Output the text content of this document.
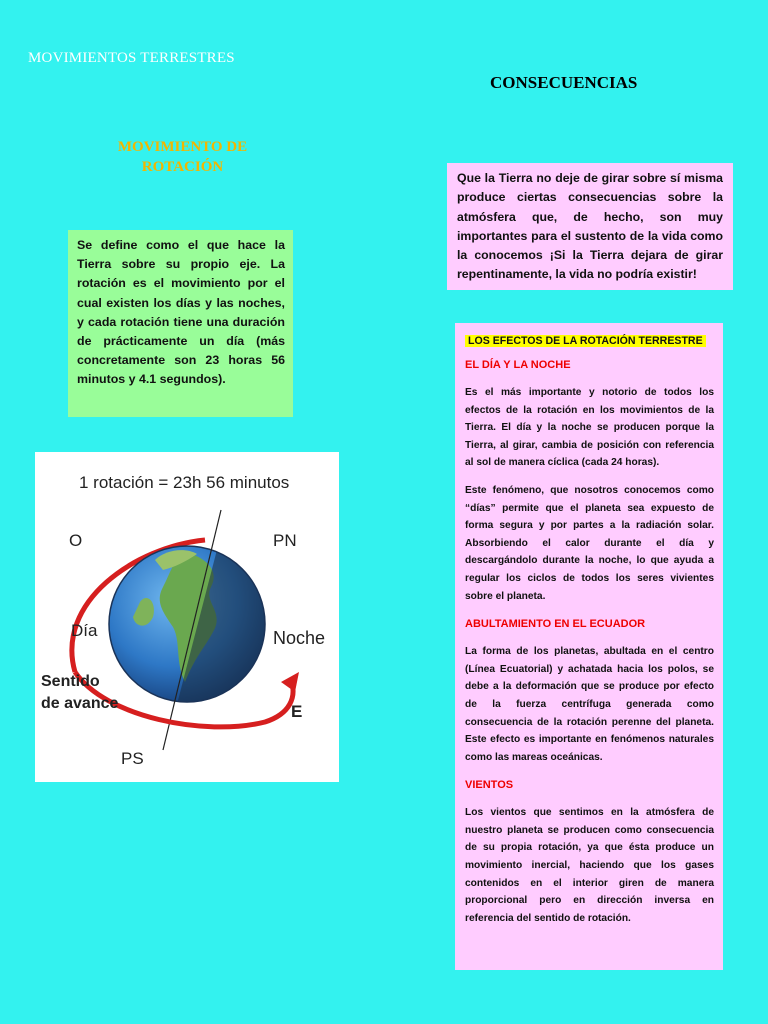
MOVIMIENTOS TERRESTRES
CONSECUENCIAS
MOVIMIENTO DE ROTACIÓN
Se define como el que hace la Tierra sobre su propio eje. La rotación es el movimiento por el cual existen los días y las noches, y cada rotación tiene una duración de prácticamente un día (más concretamente son 23 horas 56 minutos y 4.1 segundos).
Que la Tierra no deje de girar sobre sí misma produce ciertas consecuencias sobre la atmósfera que, de hecho, son muy importantes para el sustento de la vida como la conocemos ¡Si la Tierra dejara de girar repentinamente, la vida no podría existir!
LOS EFECTOS DE LA ROTACIÓN TERRESTRE
EL DÍA Y LA NOCHE

Es el más importante y notorio de todos los efectos de la rotación en los movimientos de la Tierra. El día y la noche se producen porque la Tierra, al girar, cambia de posición con referencia al sol de manera cíclica (cada 24 horas).

Este fenómeno, que nosotros conocemos como “días” permite que el planeta sea expuesto de forma segura y por partes a la radiación solar. Absorbiendo el calor durante el día y descargándolo durante la noche, lo que ayuda a regular los ciclos de todos los seres vivientes sobre el planeta.

ABULTAMIENTO EN EL ECUADOR

La forma de los planetas, abultada en el centro (Línea Ecuatorial) y achatada hacia los polos, se debe a la deformación que se produce por efecto de la fuerza centrífuga generada como consecuencia de la rotación perenne del planeta. Este efecto es importante en fenómenos naturales como las mareas oceánicas.

VIENTOS

Los vientos que sentimos en la atmósfera de nuestro planeta se producen como consecuencia de su propia rotación, ya que ésta produce un movimiento inercial, haciendo que los gases contenidos en el interior giren de manera proporcional pero en dirección inversa en referencia del sentido de rotación.

1 rotación = 23h 56 minutos
O	PN
Día	Noche
Sentido
de avance	E
PS
